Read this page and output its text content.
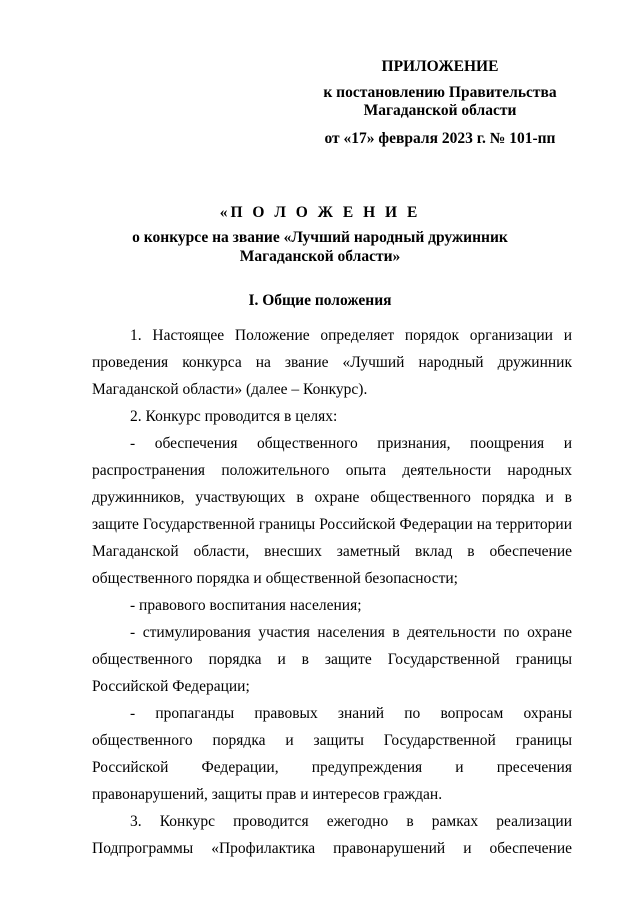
ПРИЛОЖЕНИЕ
к постановлению Правительства
Магаданской области
от «17» февраля 2023 г. № 101-пп
«П О Л О Ж Е Н И Е
о конкурсе на звание «Лучший народный дружинник
Магаданской области»
I. Общие положения

1. Настоящее Положение определяет порядок организации и проведения конкурса на звание «Лучший народный дружинник Магаданской области» (далее – Конкурс).

2. Конкурс проводится в целях:

- обеспечения общественного признания, поощрения и распространения положительного опыта деятельности народных дружинников, участвующих в охране общественного порядка и в защите Государственной границы Российской Федерации на территории Магаданской области, внесших заметный вклад в обеспечение общественного порядка и общественной безопасности;

- правового воспитания населения;

- стимулирования участия населения в деятельности по охране общественного порядка и в защите Государственной границы Российской Федерации;

- пропаганды правовых знаний по вопросам охраны общественного порядка и защиты Государственной границы Российской Федерации, предупреждения и пресечения правонарушений, защиты прав и интересов граждан.

3. Конкурс проводится ежегодно в рамках реализации Подпрограммы «Профилактика правонарушений и обеспечение
